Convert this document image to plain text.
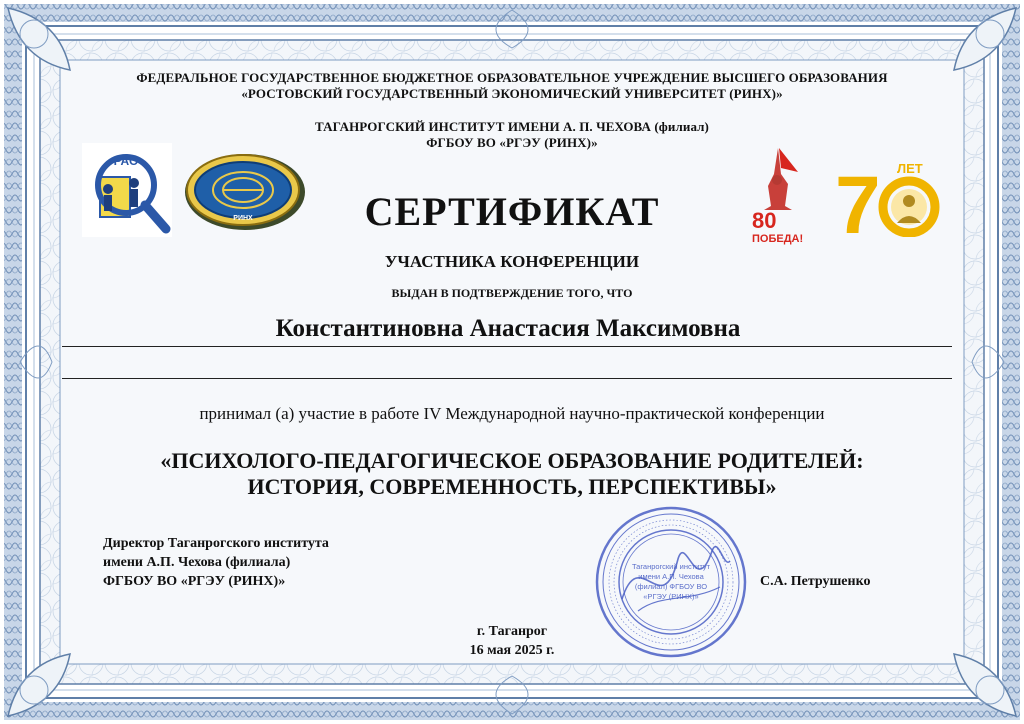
ФЕДЕРАЛЬНОЕ ГОСУДАРСТВЕННОЕ БЮДЖЕТНОЕ ОБРАЗОВАТЕЛЬНОЕ УЧРЕЖДЕНИЕ ВЫСШЕГО ОБРАЗОВАНИЯ

«РОСТОВСКИЙ ГОСУДАРСТВЕННЫЙ ЭКОНОМИЧЕСКИЙ УНИВЕРСИТЕТ (РИНХ)»

ТАГАНРОГСКИЙ ИНСТИТУТ ИМЕНИ А. П. ЧЕХОВА (филиал)

ФГБОУ ВО «РГЭУ (РИНХ)»

РАО
РИНХ	80
ПОБЕДА! 7 ЛЕТ

СЕРТИФИКАТ

УЧАСТНИКА КОНФЕРЕНЦИИ

ВЫДАН В ПОДТВЕРЖДЕНИЕ ТОГО, ЧТО

Константиновна Анастасия Максимовна

принимал (а) участие в работе IV Международной научно-практической конференции

«ПСИХОЛОГО-ПЕДАГОГИЧЕСКОЕ ОБРАЗОВАНИЕ РОДИТЕЛЕЙ:

ИСТОРИЯ, СОВРЕМЕННОСТЬ, ПЕРСПЕКТИВЫ»

Директор Таганрогского института

имени А.П. Чехова (филиала)

ФГБОУ ВО «РГЭУ (РИНХ)»	С.А. Петрушенко

Таганрогский институт
имени А.П. Чехова
(филиал) ФГБОУ ВО
«РГЭУ (РИНХ)»

г. Таганрог

16 мая 2025 г.
